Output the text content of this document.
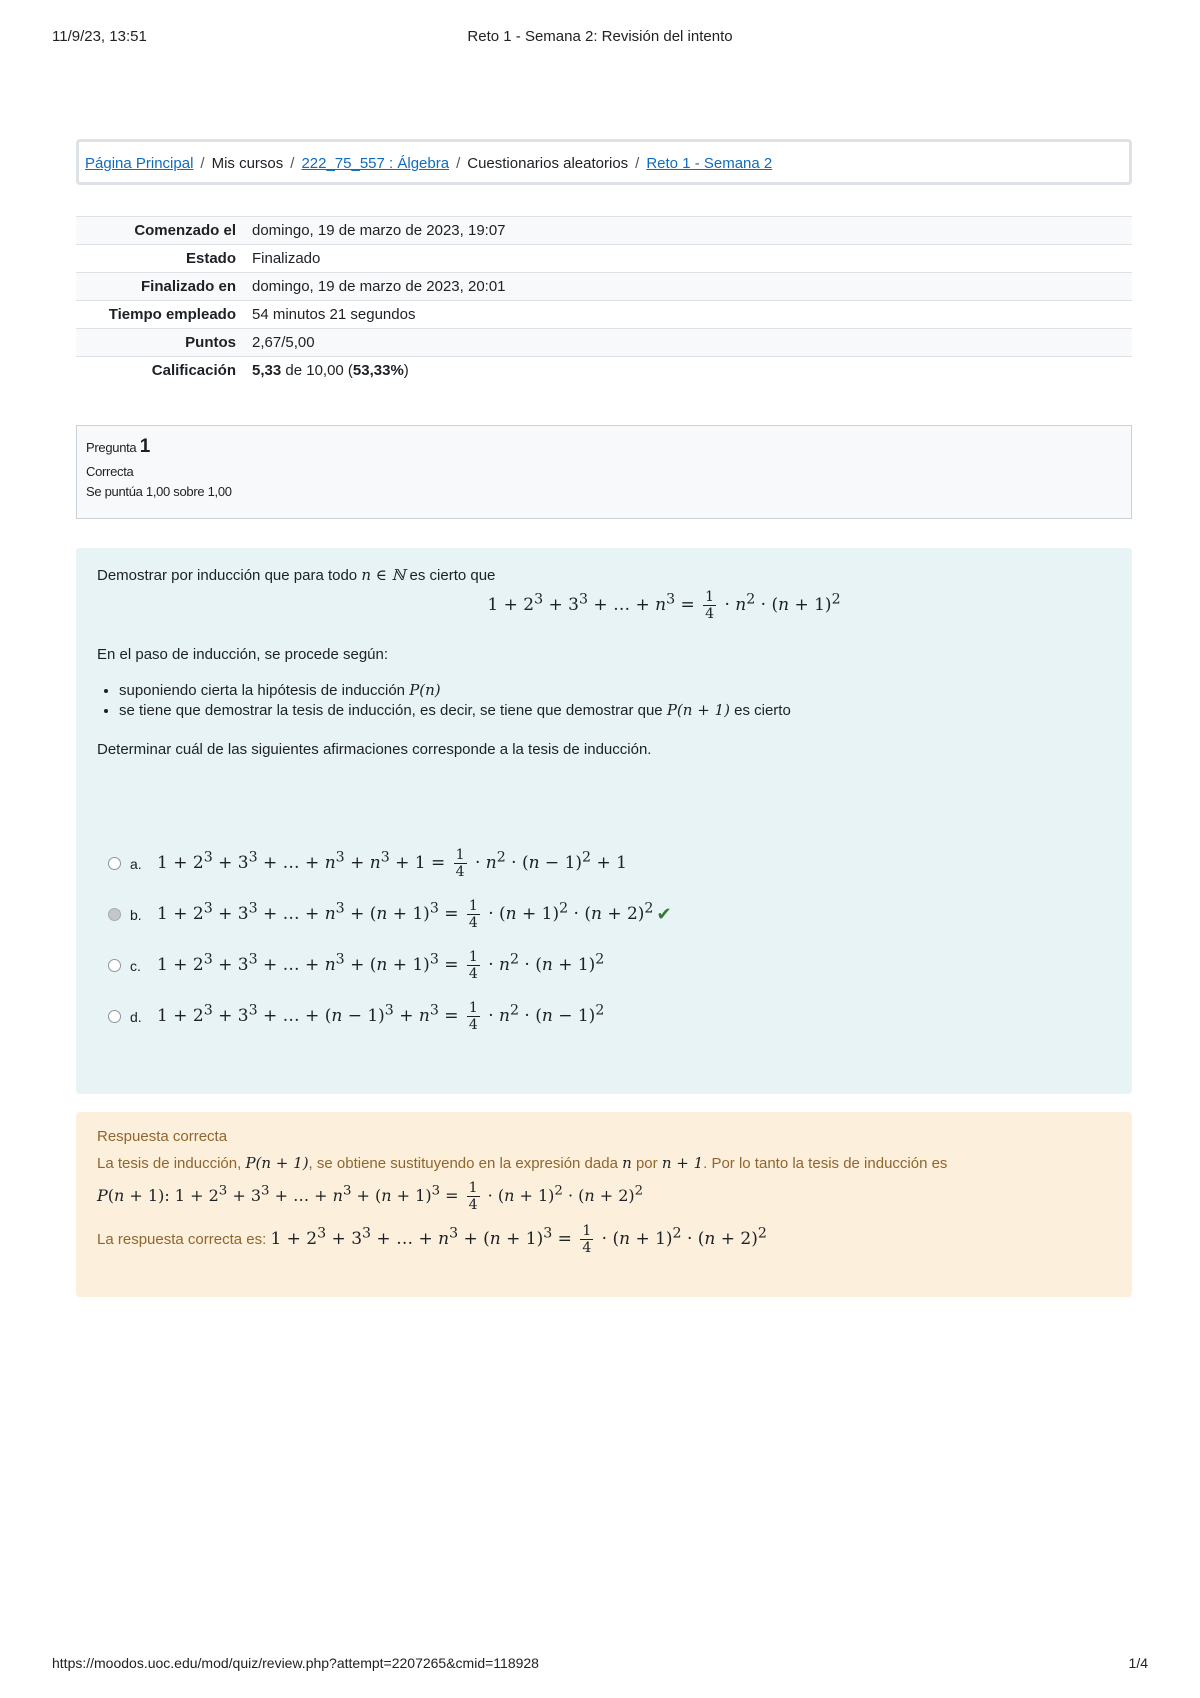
11/9/23, 13:51	Reto 1 - Semana 2: Revisión del intento
Página Principal / Mis cursos / 222_75_557 : Álgebra / Cuestionarios aleatorios / Reto 1 - Semana 2
Comenzado el	domingo, 19 de marzo de 2023, 19:07
Estado	Finalizado
Finalizado en	domingo, 19 de marzo de 2023, 20:01
Tiempo empleado	54 minutos 21 segundos
Puntos	2,67/5,00
Calificación	5,33 de 10,00 (53,33%)
Pregunta 1
Correcta
Se puntúa 1,00 sobre 1,00

Demostrar por inducción que para todo n ∈ ℕ es cierto que

$1 + 2^3 + 3^3$ + … + $n^3 = \frac{1}{4} \cdot n^2 \cdot (n + 1)^2$

En el paso de inducción, se procede según:

• suponiendo cierta la hipótesis de inducción P(n)
• se tiene que demostrar la tesis de inducción, es decir, se tiene que demostrar que P(n + 1) es cierto

Determinar cuál de las siguientes afirmaciones corresponde a la tesis de inducción.

a. $1 + 2^3 + 3^3$ + … + $n^3 + n^3 + 1 = \frac{1}{4} \cdot n^2 \cdot (n - 1)^2 + 1$
b. $1 + 2^3 + 3^3$ + … + $n^3 + (n + 1)^3 = \frac{1}{4} \cdot (n + 1)^2 \cdot (n + 2)^2$ ✔
c. $1 + 2^3 + 3^3$ + … + $n^3 + (n + 1)^3 = \frac{1}{4} \cdot n^2 \cdot (n + 1)^2$
d. $1 + 2^3 + 3^3$ + … + $(n - 1)^3 + n^3 = \frac{1}{4} \cdot n^2 \cdot (n - 1)^2$

Respuesta correcta

La tesis de inducción, P(n + 1), se obtiene sustituyendo en la expresión dada n por n + 1. Por lo tanto la tesis de inducción es

P(n + 1): $1 + 2^3 + 3^3$ + … + $n^3 + (n + 1)^3 = \frac{1}{4} \cdot (n + 1)^2 \cdot (n + 2)^2$

La respuesta correcta es: $1 + 2^3 + 3^3$ + … + $n^3 + (n + 1)^3 = \frac{1}{4} \cdot (n + 1)^2 \cdot (n + 2)^2$

https://moodos.uoc.edu/mod/quiz/review.php?attempt=2207265&cmid=118928	1/4
